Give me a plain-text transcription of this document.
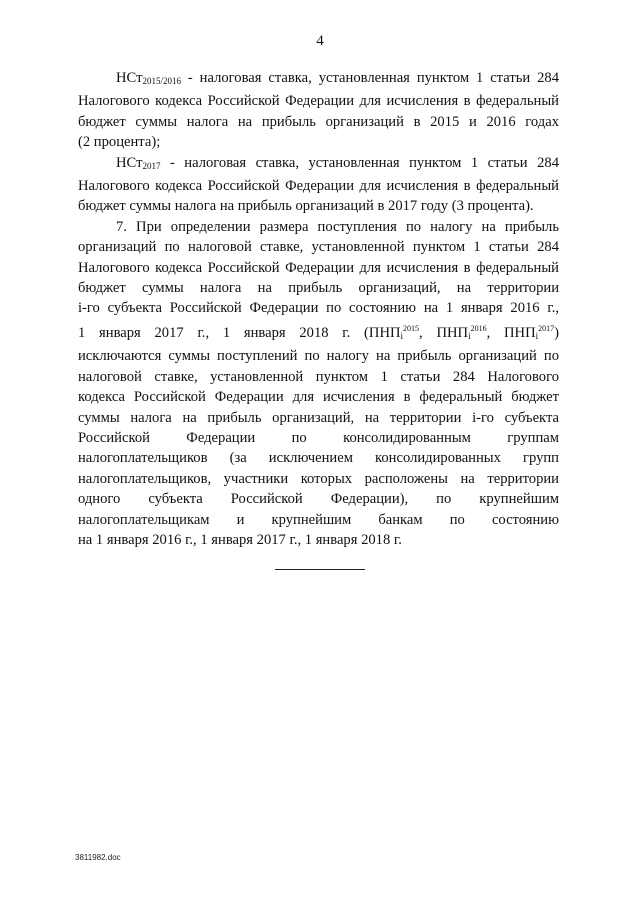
4

НСт$_{2015/2016}$ - налоговая ставка, установленная пунктом 1 статьи 284
Налогового кодекса Российской Федерации для исчисления в федеральный
бюджет суммы налога на прибыль организаций в 2015 и 2016 годах
(2 процента);

НСт$_{2017}$ - налоговая ставка, установленная пунктом 1 статьи 284
Налогового кодекса Российской Федерации для исчисления в федеральный
бюджет суммы налога на прибыль организаций в 2017 году (3 процента).

7. При определении размера поступления по налогу на прибыль
организаций по налоговой ставке, установленной пунктом 1 статьи 284
Налогового кодекса Российской Федерации для исчисления в федеральный
бюджет суммы налога на прибыль организаций, на территории
i-го субъекта Российской Федерации по состоянию на 1 января 2016 г.,
1 января 2017 г., 1 января 2018 г. ($ПНП_i^{2015}$, $ПНП_i^{2016}$, $ПНП_i^{2017}$)
исключаются суммы поступлений по налогу на прибыль организаций по
налоговой ставке, установленной пунктом 1 статьи 284 Налогового
кодекса Российской Федерации для исчисления в федеральный бюджет
суммы налога на прибыль организаций, на территории i-го субъекта
Российской Федерации по консолидированным группам
налогоплательщиков (за исключением консолидированных групп
налогоплательщиков, участники которых расположены на территории
одного субъекта Российской Федерации), по крупнейшим
налогоплательщикам и крупнейшим банкам по состоянию
на 1 января 2016 г., 1 января 2017 г., 1 января 2018 г.

3811982.doc
